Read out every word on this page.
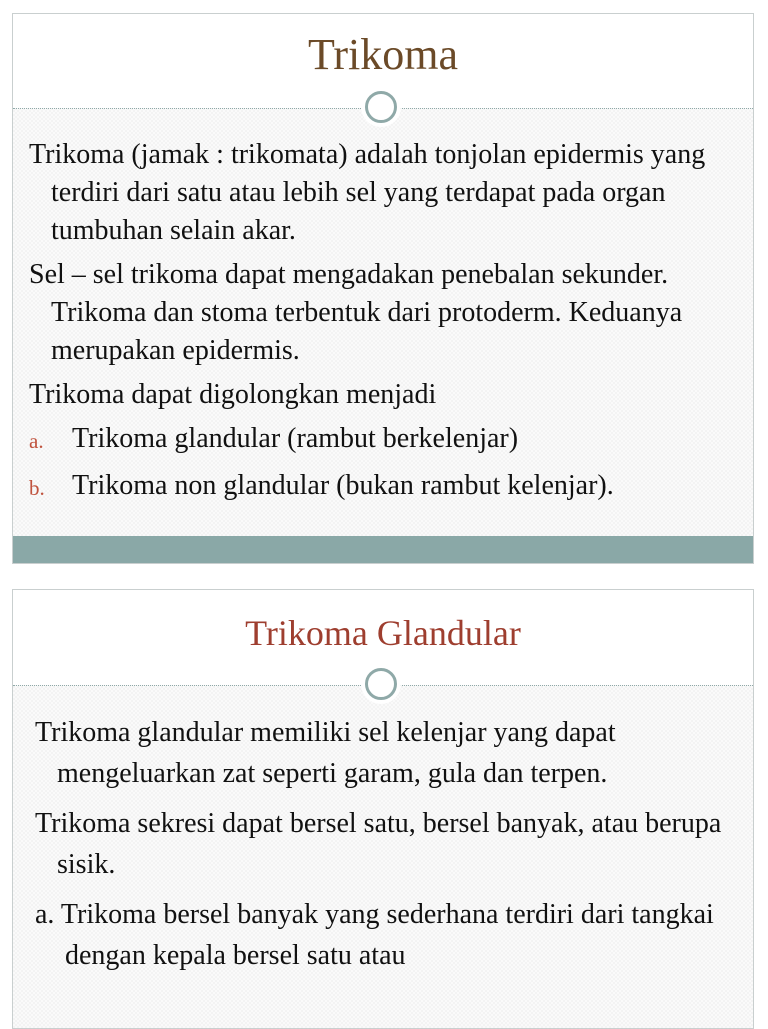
Trikoma

Trikoma (jamak : trikomata) adalah tonjolan epidermis yang terdiri dari satu atau lebih sel yang terdapat pada organ tumbuhan selain akar.

Sel – sel trikoma dapat mengadakan penebalan sekunder. Trikoma dan stoma terbentuk dari protoderm. Keduanya merupakan epidermis.

Trikoma dapat digolongkan menjadi

a. Trikoma glandular (rambut berkelenjar)
b. Trikoma non glandular (bukan rambut kelenjar).
Trikoma Glandular

Trikoma glandular memiliki sel kelenjar yang dapat mengeluarkan zat seperti garam, gula dan terpen.

Trikoma sekresi dapat bersel satu, bersel banyak, atau berupa sisik.

a. Trikoma bersel banyak yang sederhana terdiri dari tangkai dengan kepala bersel satu atau
